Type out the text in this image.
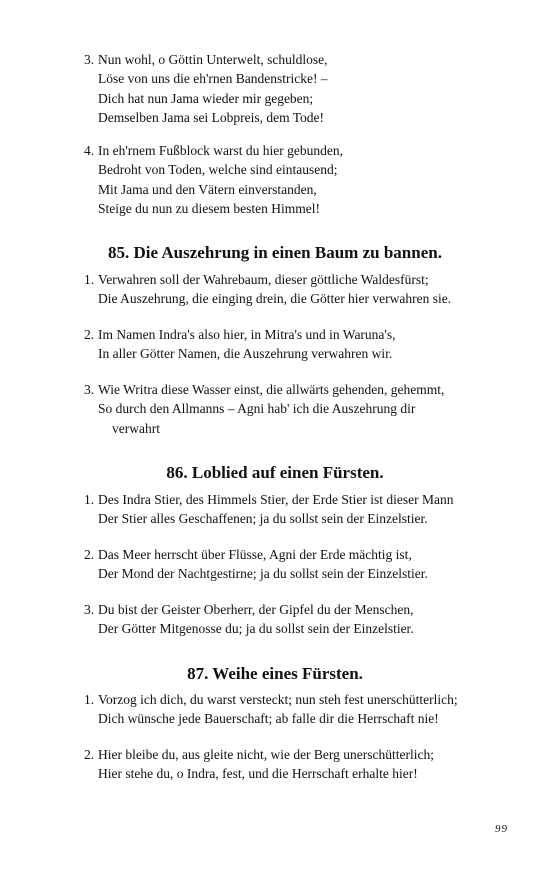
3. Nun wohl, o Göttin Unterwelt, schuldlose,
Löse von uns die eh'rnen Bandenstricke! –
Dich hat nun Jama wieder mir gegeben;
Demselben Jama sei Lobpreis, dem Tode!
4. In eh'rnem Fußblock warst du hier gebunden,
Bedroht von Toden, welche sind eintausend;
Mit Jama und den Vätern einverstanden,
Steige du nun zu diesem besten Himmel!
85. Die Auszehrung in einen Baum zu bannen.
1. Verwahren soll der Wahrebaum, dieser göttliche Waldesfürst;
Die Auszehrung, die einging drein, die Götter hier verwahren sie.
2. Im Namen Indra's also hier, in Mitra's und in Waruna's,
In aller Götter Namen, die Auszehrung verwahren wir.
3. Wie Writra diese Wasser einst, die allwärts gehenden, gehemmt,
So durch den Allmanns – Agni hab' ich die Auszehrung dir
verwahrt
86. Loblied auf einen Fürsten.
1. Des Indra Stier, des Himmels Stier, der Erde Stier ist dieser Mann
Der Stier alles Geschaffenen; ja du sollst sein der Einzelstier.
2. Das Meer herrscht über Flüsse, Agni der Erde mächtig ist,
Der Mond der Nachtgestirne; ja du sollst sein der Einzelstier.
3. Du bist der Geister Oberherr, der Gipfel du der Menschen,
Der Götter Mitgenosse du; ja du sollst sein der Einzelstier.
87. Weihe eines Fürsten.
1. Vorzog ich dich, du warst versteckt; nun steh fest unerschütterlich;
Dich wünsche jede Bauerschaft; ab falle dir die Herrschaft nie!
2. Hier bleibe du, aus gleite nicht, wie der Berg unerschütterlich;
Hier stehe du, o Indra, fest, und die Herrschaft erhalte hier!
99
